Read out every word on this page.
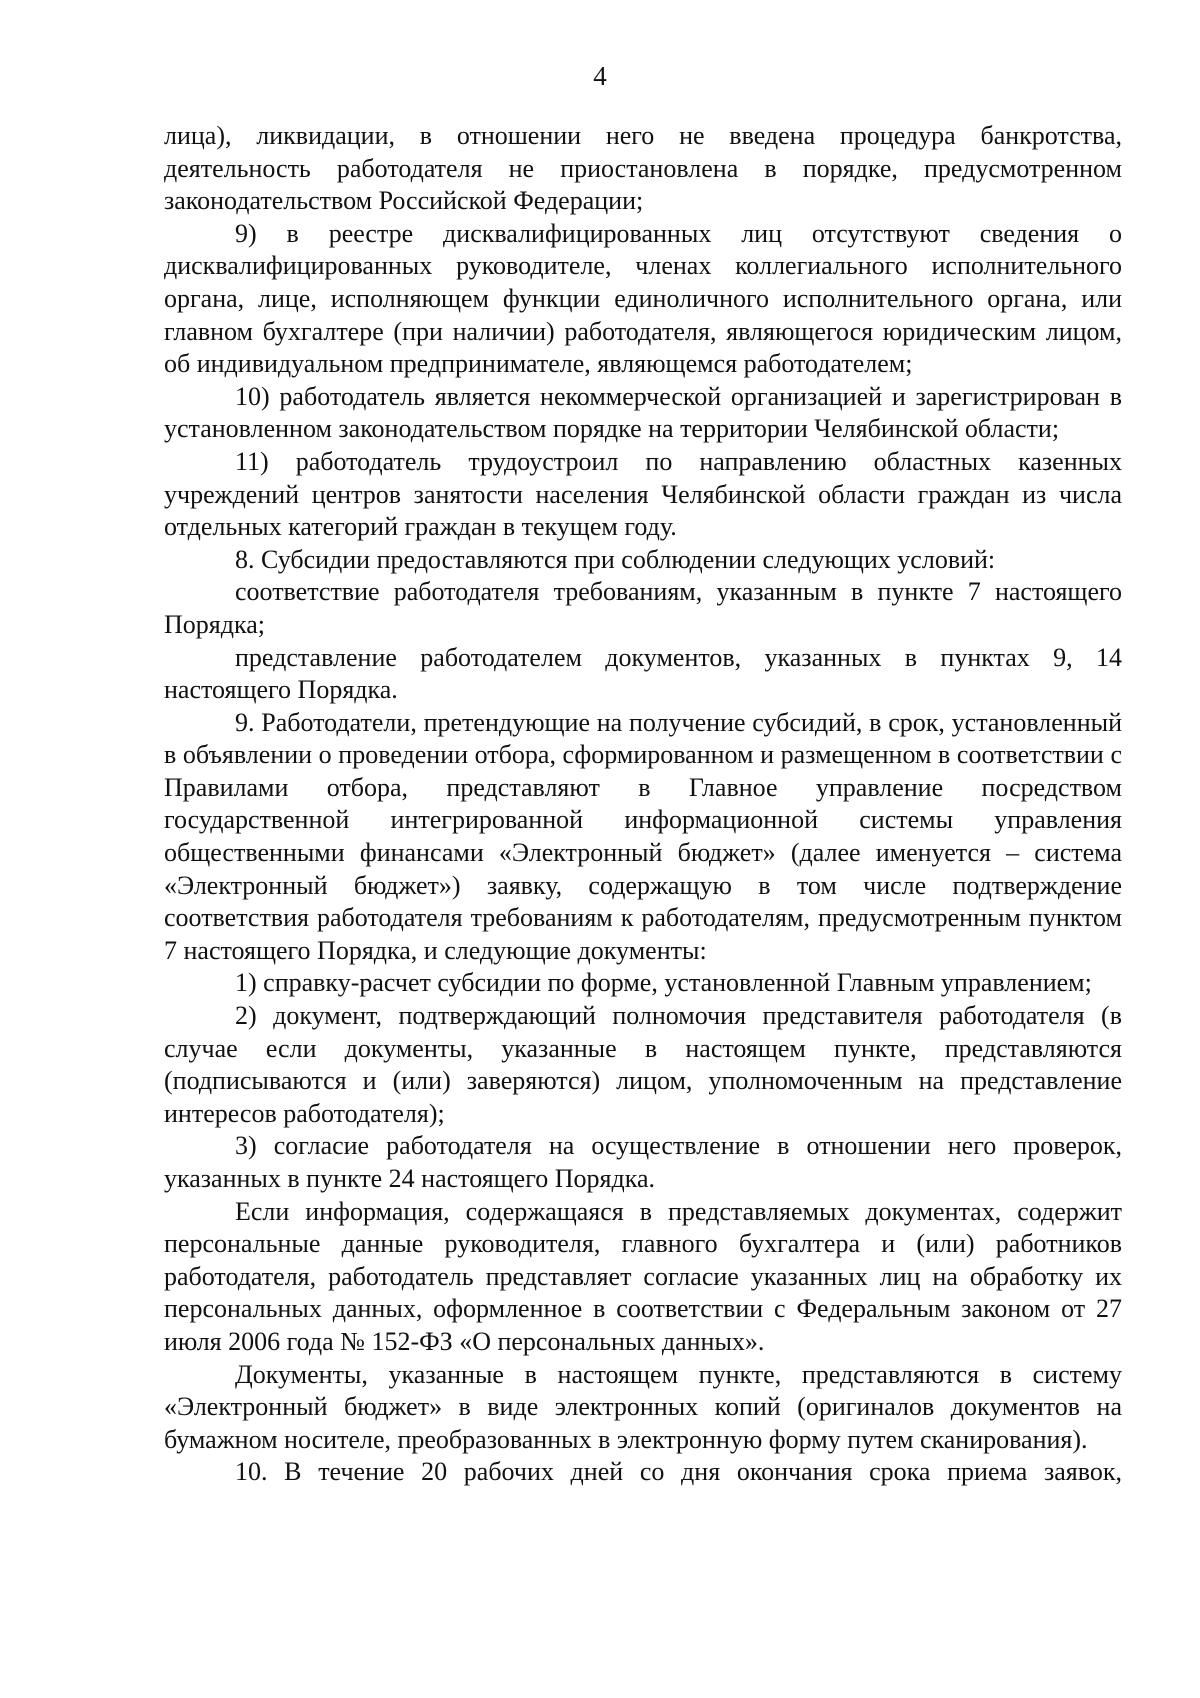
4

лица), ликвидации, в отношении него не введена процедура банкротства, деятельность работодателя не приостановлена в порядке, предусмотренном законодательством Российской Федерации;

9) в реестре дисквалифицированных лиц отсутствуют сведения о дисквалифицированных руководителе, членах коллегиального исполнительного органа, лице, исполняющем функции единоличного исполнительного органа, или главном бухгалтере (при наличии) работодателя, являющегося юридическим лицом, об индивидуальном предпринимателе, являющемся работодателем;

10) работодатель является некоммерческой организацией и зарегистрирован в установленном законодательством порядке на территории Челябинской области;

11) работодатель трудоустроил по направлению областных казенных учреждений центров занятости населения Челябинской области граждан из числа отдельных категорий граждан в текущем году.

8. Субсидии предоставляются при соблюдении следующих условий:

соответствие работодателя требованиям, указанным в пункте 7 настоящего Порядка;

представление работодателем документов, указанных в пунктах 9, 14 настоящего Порядка.

9. Работодатели, претендующие на получение субсидий, в срок, установленный в объявлении о проведении отбора, сформированном и размещенном в соответствии с Правилами отбора, представляют в Главное управление посредством государственной интегрированной информационной системы управления общественными финансами «Электронный бюджет» (далее именуется – система «Электронный бюджет») заявку, содержащую в том числе подтверждение соответствия работодателя требованиям к работодателям, предусмотренным пунктом 7 настоящего Порядка, и следующие документы:

1) справку-расчет субсидии по форме, установленной Главным управлением;

2) документ, подтверждающий полномочия представителя работодателя (в случае если документы, указанные в настоящем пункте, представляются (подписываются и (или) заверяются) лицом, уполномоченным на представление интересов работодателя);

3) согласие работодателя на осуществление в отношении него проверок, указанных в пункте 24 настоящего Порядка.

Если информация, содержащаяся в представляемых документах, содержит персональные данные руководителя, главного бухгалтера и (или) работников работодателя, работодатель представляет согласие указанных лиц на обработку их персональных данных, оформленное в соответствии с Федеральным законом от 27 июля 2006 года № 152-ФЗ «О персональных данных».

Документы, указанные в настоящем пункте, представляются в систему «Электронный бюджет» в виде электронных копий (оригиналов документов на бумажном носителе, преобразованных в электронную форму путем сканирования).

10. В течение 20 рабочих дней со дня окончания срока приема заявок,
